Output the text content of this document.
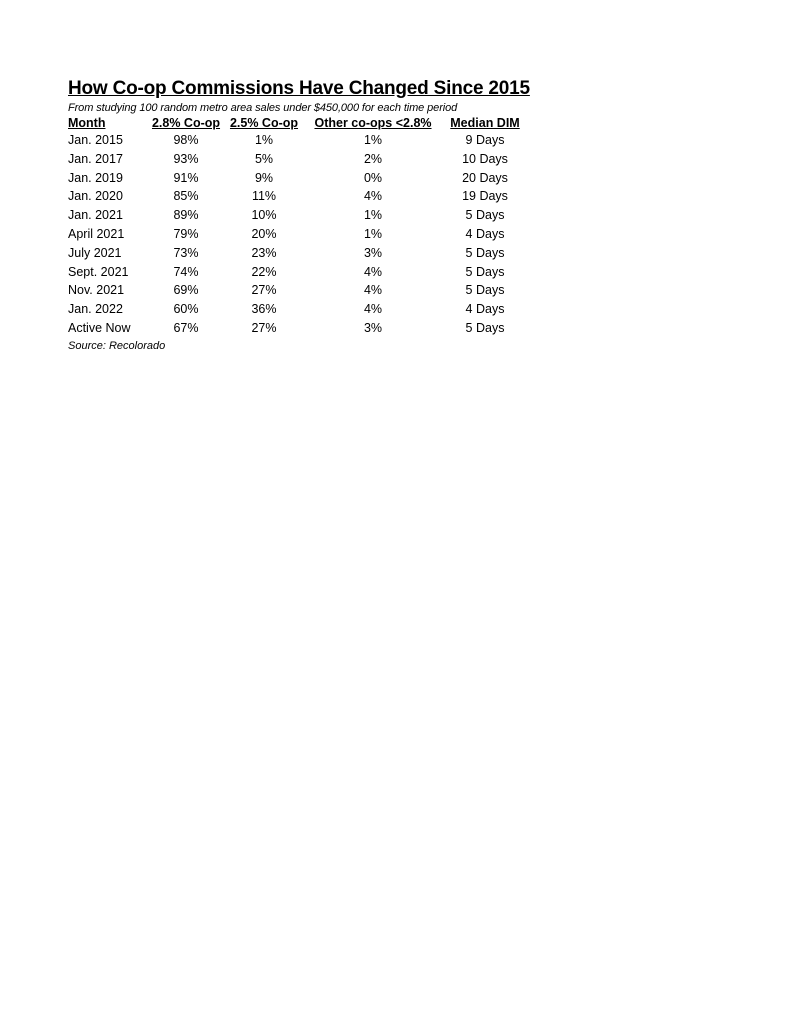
How Co-op Commissions Have Changed Since 2015
From studying 100 random metro area sales under $450,000 for each time period
Month	2.8% Co-op	2.5% Co-op	Other co-ops <2.8%	Median DIM
Jan. 2015	98%	1%	1%	9 Days
Jan. 2017	93%	5%	2%	10 Days
Jan. 2019	91%	9%	0%	20 Days
Jan. 2020	85%	11%	4%	19 Days
Jan. 2021	89%	10%	1%	5 Days
April 2021	79%	20%	1%	4 Days
July 2021	73%	23%	3%	5 Days
Sept. 2021	74%	22%	4%	5 Days
Nov. 2021	69%	27%	4%	5 Days
Jan. 2022	60%	36%	4%	4 Days
Active Now	67%	27%	3%	5 Days
Source: Recolorado
